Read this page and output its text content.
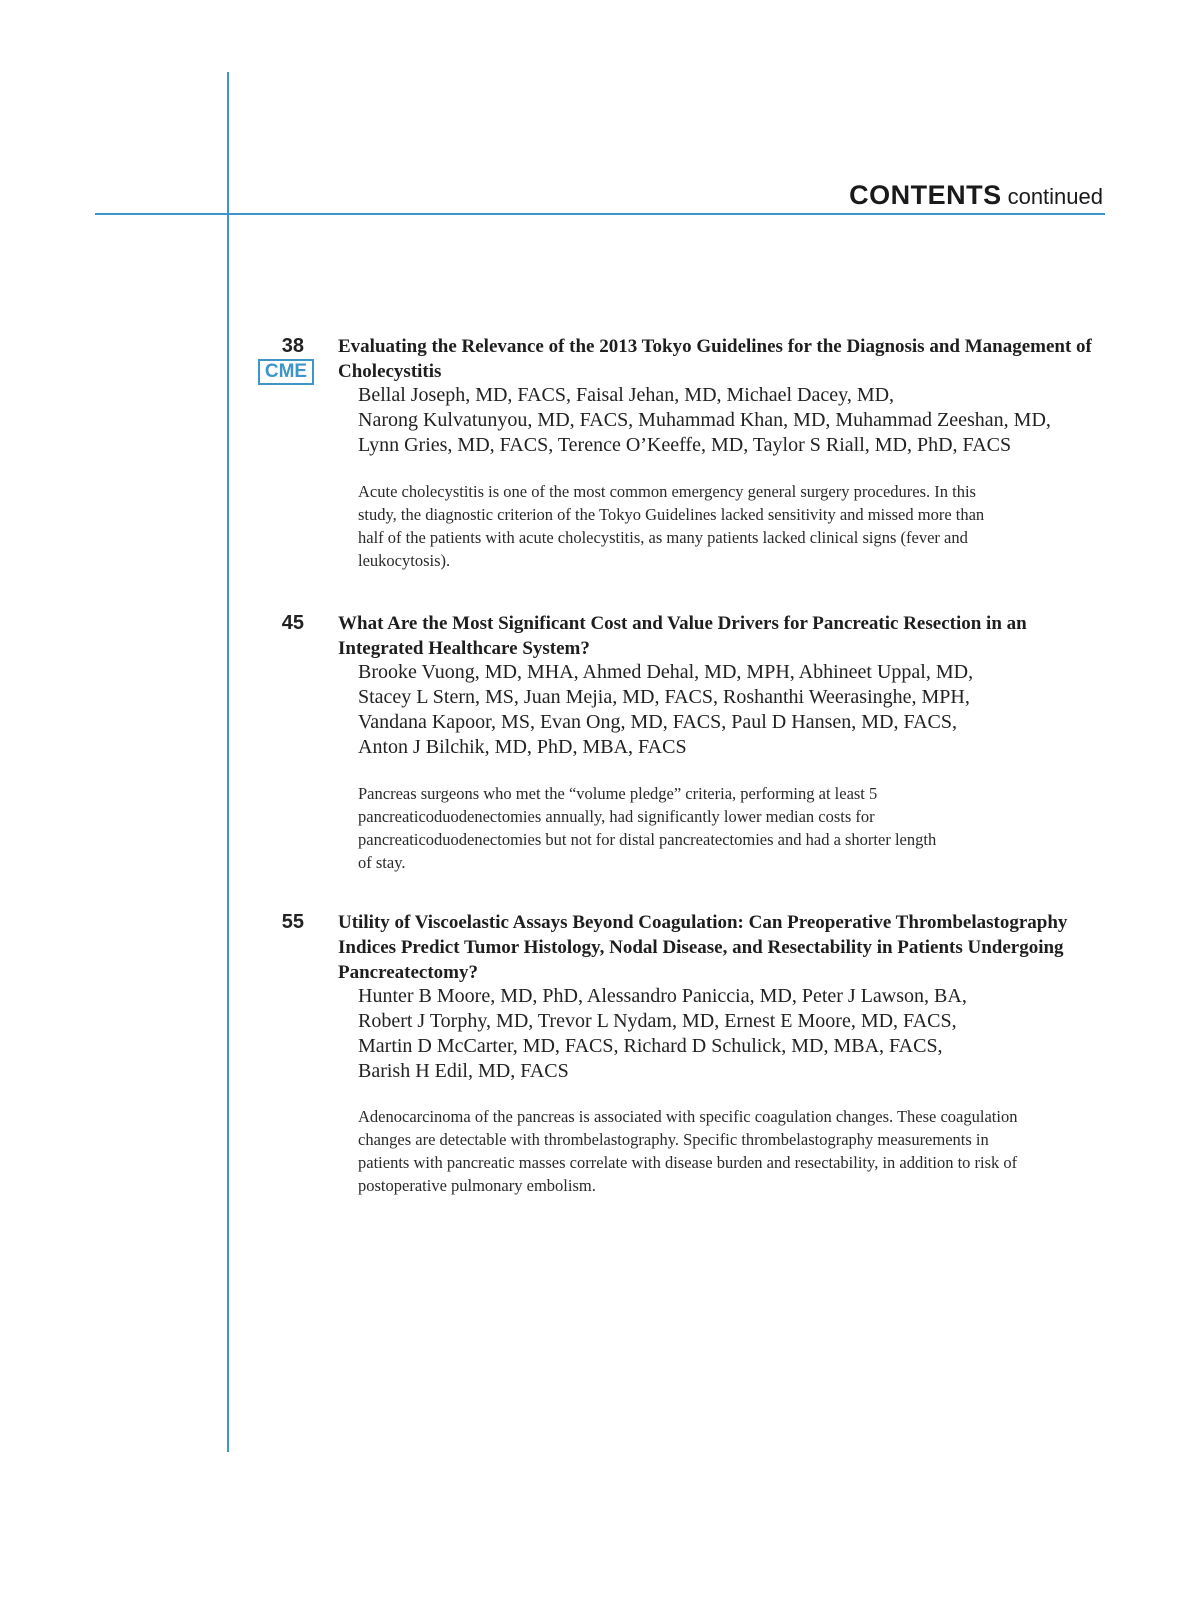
CONTENTS continued
38
CME
Evaluating the Relevance of the 2013 Tokyo Guidelines for the Diagnosis and Management of Cholecystitis
Bellal Joseph, MD, FACS, Faisal Jehan, MD, Michael Dacey, MD,
Narong Kulvatunyou, MD, FACS, Muhammad Khan, MD, Muhammad Zeeshan, MD,
Lynn Gries, MD, FACS, Terence O’Keeffe, MD, Taylor S Riall, MD, PhD, FACS
Acute cholecystitis is one of the most common emergency general surgery procedures. In this
study, the diagnostic criterion of the Tokyo Guidelines lacked sensitivity and missed more than
half of the patients with acute cholecystitis, as many patients lacked clinical signs (fever and
leukocytosis).
45 What Are the Most Significant Cost and Value Drivers for Pancreatic Resection in an Integrated Healthcare System?
Brooke Vuong, MD, MHA, Ahmed Dehal, MD, MPH, Abhineet Uppal, MD,
Stacey L Stern, MS, Juan Mejia, MD, FACS, Roshanthi Weerasinghe, MPH,
Vandana Kapoor, MS, Evan Ong, MD, FACS, Paul D Hansen, MD, FACS,
Anton J Bilchik, MD, PhD, MBA, FACS
Pancreas surgeons who met the “volume pledge” criteria, performing at least 5
pancreaticoduodenectomies annually, had significantly lower median costs for
pancreaticoduodenectomies but not for distal pancreatectomies and had a shorter length
of stay.
55 Utility of Viscoelastic Assays Beyond Coagulation: Can Preoperative Thrombelastography Indices Predict Tumor Histology, Nodal Disease, and Resectability in Patients Undergoing Pancreatectomy?
Hunter B Moore, MD, PhD, Alessandro Paniccia, MD, Peter J Lawson, BA,
Robert J Torphy, MD, Trevor L Nydam, MD, Ernest E Moore, MD, FACS,
Martin D McCarter, MD, FACS, Richard D Schulick, MD, MBA, FACS,
Barish H Edil, MD, FACS
Adenocarcinoma of the pancreas is associated with specific coagulation changes. These coagulation
changes are detectable with thrombelastography. Specific thrombelastography measurements in
patients with pancreatic masses correlate with disease burden and resectability, in addition to risk of
postoperative pulmonary embolism.
